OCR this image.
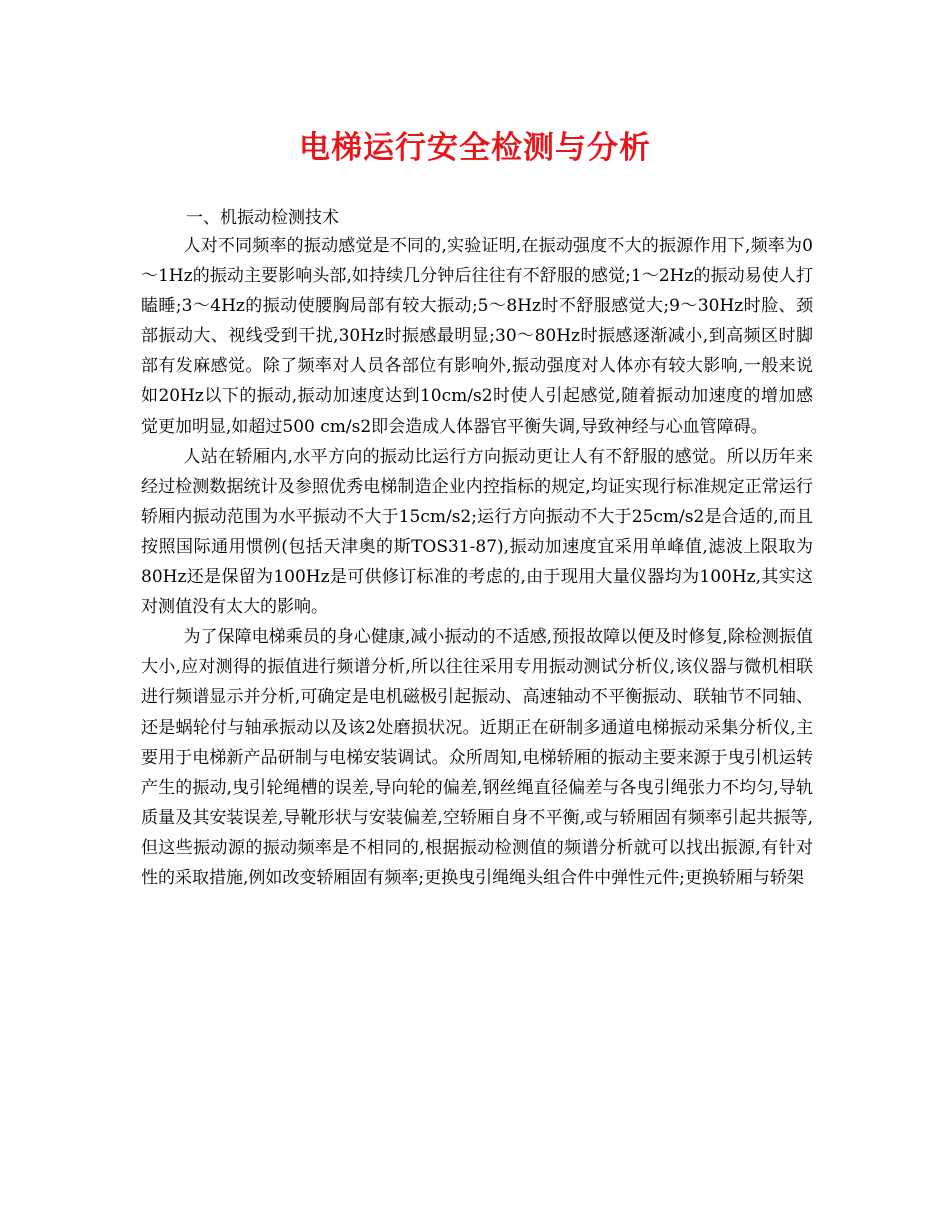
电梯运行安全检测与分析
一、机振动检测技术

人对不同频率的振动感觉是不同的,实验证明,在振动强度不大的振源作用下,频率为0～1Hz的振动主要影响头部,如持续几分钟后往往有不舒服的感觉;1～2Hz的振动易使人打瞌睡;3～4Hz的振动使腰胸局部有较大振动;5～8Hz时不舒服感觉大;9～30Hz时脸、颈部振动大、视线受到干扰,30Hz时振感最明显;30～80Hz时振感逐渐减小,到高频区时脚部有发麻感觉。除了频率对人员各部位有影响外,振动强度对人体亦有较大影响,一般来说如20Hz以下的振动,振动加速度达到10cm/s2时使人引起感觉,随着振动加速度的增加感觉更加明显,如超过500 cm/s2即会造成人体器官平衡失调,导致神经与心血管障碍。

人站在轿厢内,水平方向的振动比运行方向振动更让人有不舒服的感觉。所以历年来经过检测数据统计及参照优秀电梯制造企业内控指标的规定,均证实现行标准规定正常运行轿厢内振动范围为水平振动不大于15cm/s2;运行方向振动不大于25cm/s2是合适的,而且按照国际通用惯例(包括天津奥的斯TOS31-87),振动加速度宜采用单峰值,滤波上限取为80Hz还是保留为100Hz是可供修订标准的考虑的,由于现用大量仪器均为100Hz,其实这对测值没有太大的影响。

为了保障电梯乘员的身心健康,减小振动的不适感,预报故障以便及时修复,除检测振值大小,应对测得的振值进行频谱分析,所以往往采用专用振动测试分析仪,该仪器与微机相联进行频谱显示并分析,可确定是电机磁极引起振动、高速轴动不平衡振动、联轴节不同轴、还是蜗轮付与轴承振动以及该2处磨损状况。近期正在研制多通道电梯振动采集分析仪,主要用于电梯新产品研制与电梯安装调试。众所周知,电梯轿厢的振动主要来源于曳引机运转产生的振动,曳引轮绳槽的误差,导向轮的偏差,钢丝绳直径偏差与各曳引绳张力不均匀,导轨质量及其安装误差,导靴形状与安装偏差,空轿厢自身不平衡,或与轿厢固有频率引起共振等,但这些振动源的振动频率是不相同的,根据振动检测值的频谱分析就可以找出振源,有针对性的采取措施,例如改变轿厢固有频率;更换曳引绳绳头组合件中弹性元件;更换轿厢与轿架
